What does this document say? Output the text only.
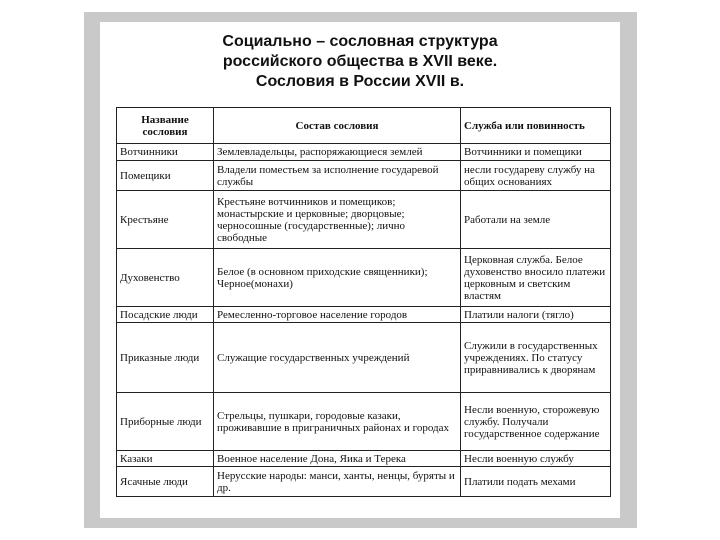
Социально – сословная структура
российского общества в XVII веке.
Сословия в России XVII в.
Название сословия	Состав сословия	Служба или повинность
Вотчинники	Землевладельцы, распоряжающиеся землей	Вотчинники и помещики
Помещики	Владели поместьем за исполнение государевой службы	несли государеву службу на общих основаниях
Крестьяне	Крестьяне вотчинников и помещиков; монастырские и церковные; дворцовые; черносошные (государственные); лично свободные	Работали на земле
Духовенство	Белое (в основном приходские священники); Черное(монахи)	Церковная служба. Белое духовенство вносило платежи церковным и светским властям
Посадские люди	Ремесленно-торговое население городов	Платили налоги (тягло)
Приказные люди	Служащие государственных учреждений	Служили в государственных учреждениях. По статусу приравнивались к дворянам
Приборные люди	Стрельцы, пушкари, городовые казаки, проживавшие в приграничных районах и городах	Несли военную, сторожевую службу. Получали государственное содержание
Казаки	Военное население Дона, Яика и Терека	Несли военную службу
Ясачные люди	Нерусские народы: манси, ханты, ненцы, буряты и др.	Платили подать мехами
